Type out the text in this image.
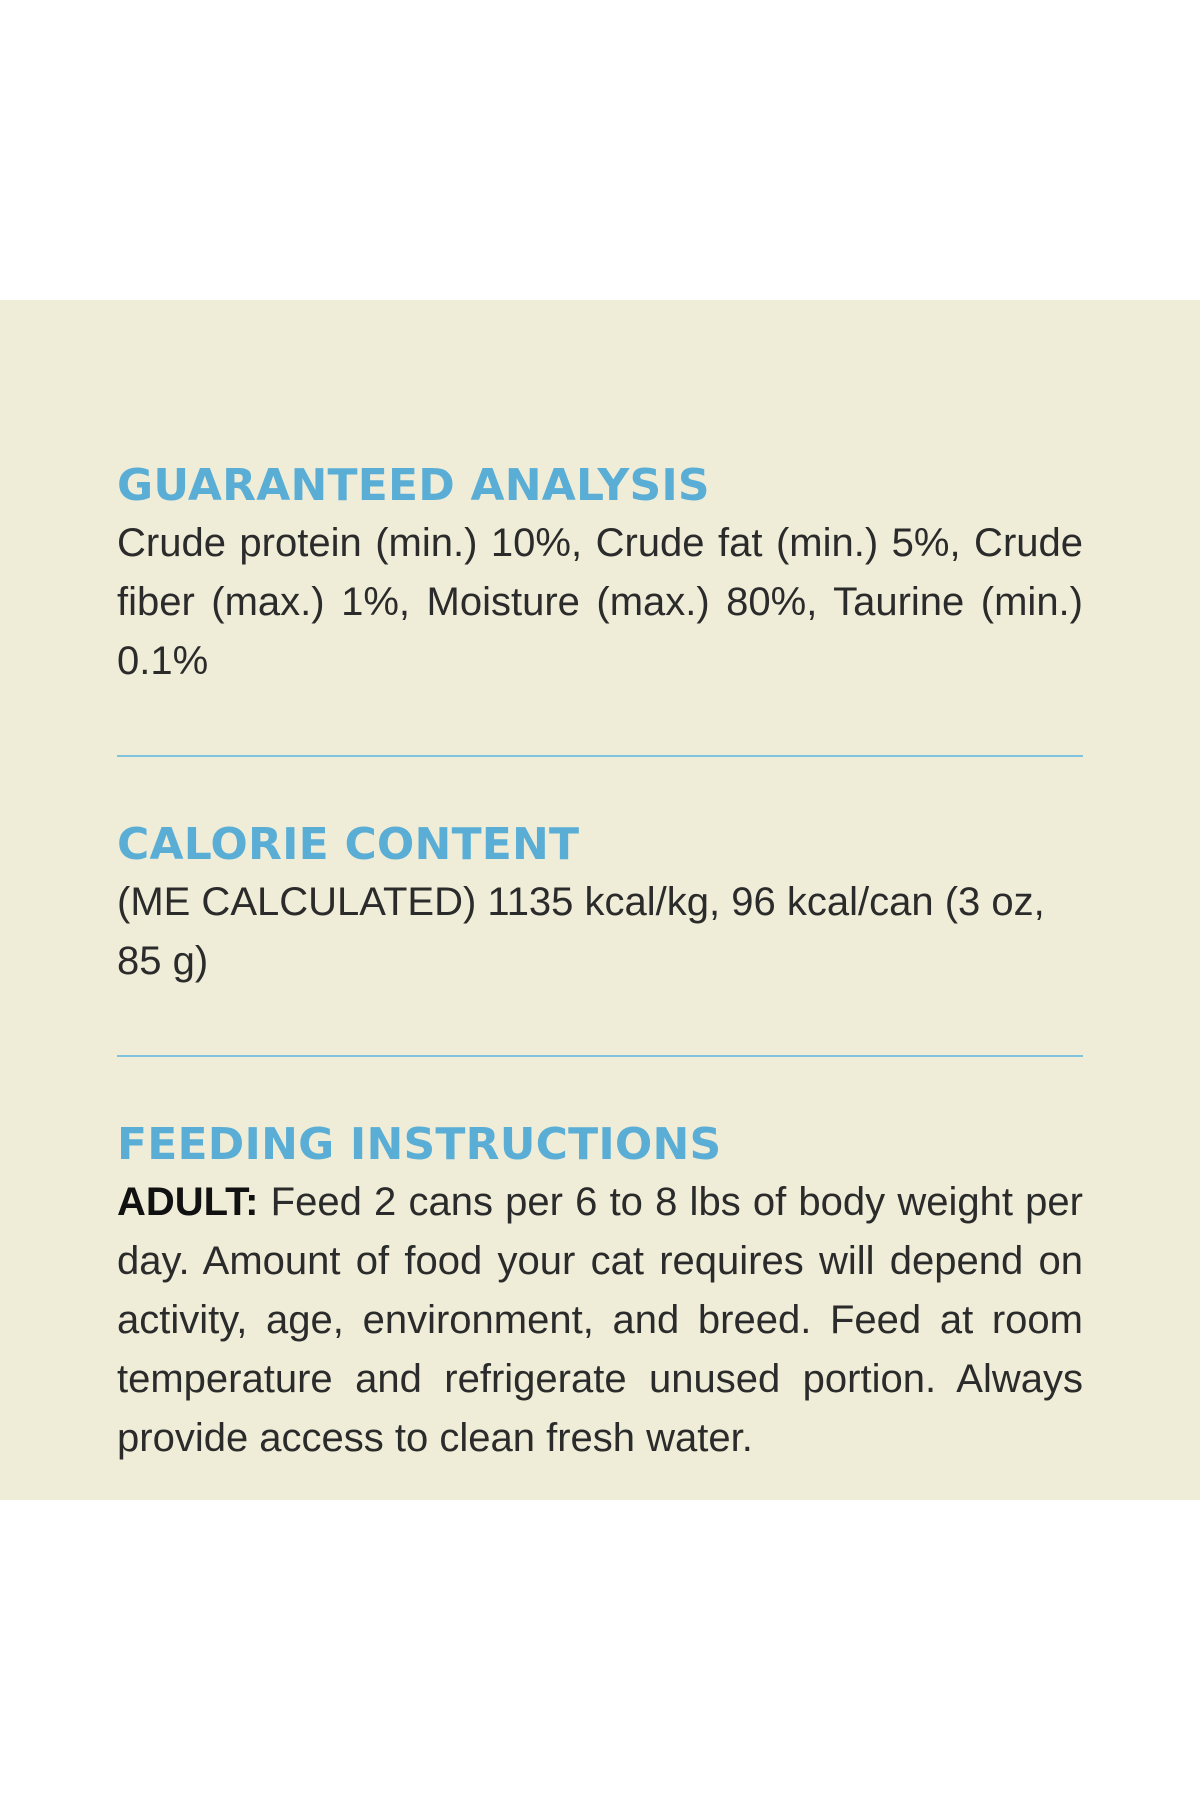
GUARANTEED ANALYSIS

Crude protein (min.) 10%, Crude fat (min.) 5%, Crude fiber (max.) 1%, Moisture (max.) 80%, Taurine (min.) 0.1%

CALORIE CONTENT

(ME CALCULATED) 1135 kcal/kg, 96 kcal/can (3 oz, 85 g)

FEEDING INSTRUCTIONS

ADULT: Feed 2 cans per 6 to 8 lbs of body weight per day. Amount of food your cat requires will depend on activity, age, environment, and breed. Feed at room temperature and refrigerate unused portion. Always provide access to clean fresh water.
